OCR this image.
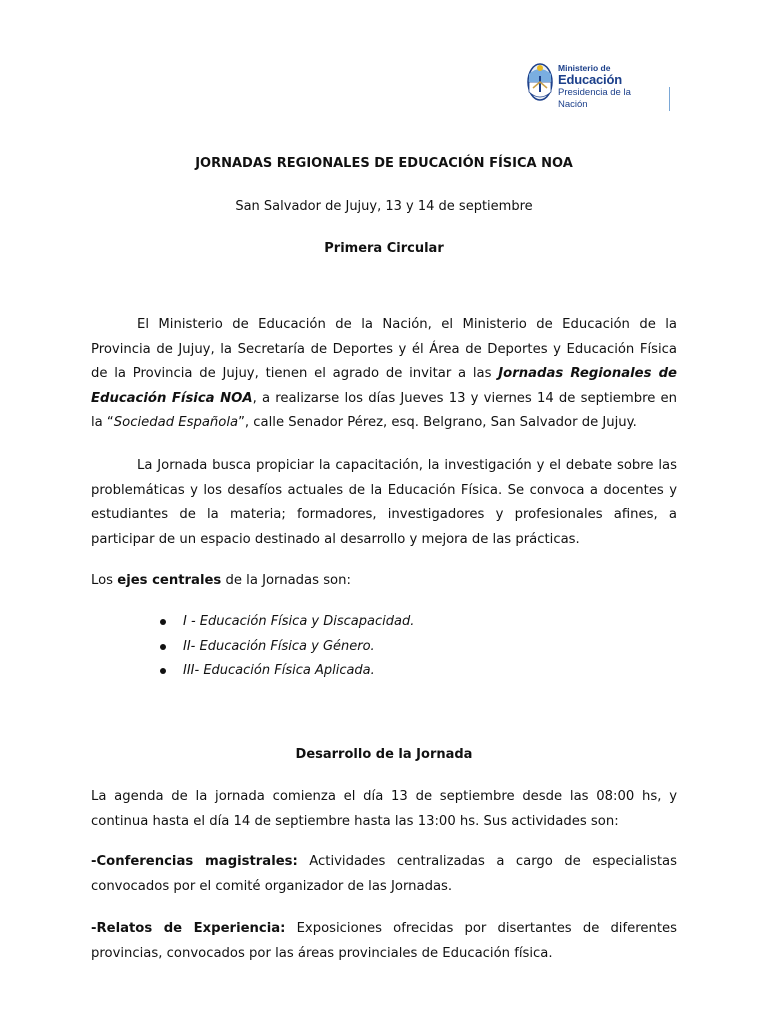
Ministerio de
Educación
Presidencia de la Nación
JORNADAS REGIONALES DE EDUCACIÓN FÍSICA NOA
San Salvador de Jujuy, 13 y 14 de septiembre
Primera Circular
El Ministerio de Educación de la Nación, el Ministerio de Educación de la Provincia de Jujuy, la Secretaría de Deportes y él Área de Deportes y Educación Física de la Provincia de Jujuy, tienen el agrado de invitar a las Jornadas Regionales de Educación Física NOA, a realizarse los días Jueves 13 y viernes 14 de septiembre en la “Sociedad Española”, calle Senador Pérez, esq. Belgrano, San Salvador de Jujuy.
La Jornada busca propiciar la capacitación, la investigación y el debate sobre las problemáticas y los desafíos actuales de la Educación Física. Se convoca a docentes y estudiantes de la materia; formadores, investigadores y profesionales afines, a participar de un espacio destinado al desarrollo y mejora de las prácticas.
Los ejes centrales de la Jornadas son:
I - Educación Física y Discapacidad.
II- Educación Física y Género.
III- Educación Física Aplicada.
Desarrollo de la Jornada
La agenda de la jornada comienza el día 13 de septiembre desde las 08:00 hs, y continua hasta el día 14 de septiembre hasta las 13:00 hs. Sus actividades son:
-Conferencias magistrales: Actividades centralizadas a cargo de especialistas convocados por el comité organizador de las Jornadas.
-Relatos de Experiencia: Exposiciones ofrecidas por disertantes de diferentes provincias, convocados por las áreas provinciales de Educación física.
